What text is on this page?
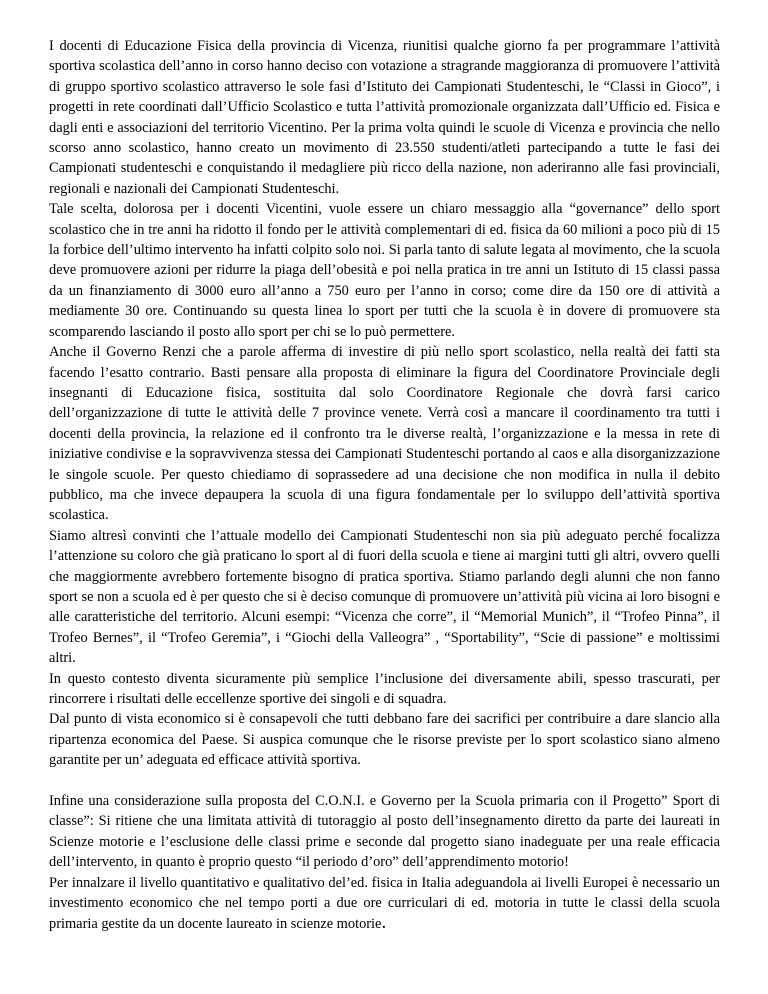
I docenti di Educazione Fisica della provincia di Vicenza, riunitisi qualche giorno fa per programmare l’attività sportiva scolastica dell’anno in corso hanno deciso con votazione a stragrande maggioranza di promuovere l’attività di gruppo sportivo scolastico attraverso le sole fasi d’Istituto dei Campionati Studenteschi, le “Classi in Gioco”, i progetti in rete coordinati dall’Ufficio Scolastico e tutta l’attività promozionale organizzata dall’Ufficio ed. Fisica e dagli enti e associazioni del territorio Vicentino. Per la prima volta quindi le scuole di Vicenza e provincia che nello scorso anno scolastico, hanno creato un movimento di 23.550 studenti/atleti partecipando a tutte le fasi dei Campionati studenteschi e conquistando il medagliere più ricco della nazione, non aderiranno alle fasi provinciali, regionali e nazionali dei Campionati Studenteschi.

Tale scelta, dolorosa per i docenti Vicentini, vuole essere un chiaro messaggio alla “governance” dello sport scolastico che in tre anni ha ridotto il fondo per le attività complementari di ed. fisica da 60 milioni a poco più di 15 la forbice dell’ultimo intervento ha infatti colpito solo noi. Si parla tanto di salute legata al movimento, che la scuola deve promuovere azioni per ridurre la piaga dell’obesità e poi nella pratica in tre anni un Istituto di 15 classi passa da un finanziamento di 3000 euro all’anno a 750 euro per l’anno in corso; come dire da 150 ore di attività a mediamente 30 ore. Continuando su questa linea lo sport per tutti che la scuola è in dovere di promuovere sta scomparendo lasciando il posto allo sport per chi se lo può permettere.

Anche il Governo Renzi che a parole afferma di investire di più nello sport scolastico, nella realtà dei fatti sta facendo l’esatto contrario. Basti pensare alla proposta di eliminare la figura del Coordinatore Provinciale degli insegnanti di Educazione fisica, sostituita dal solo Coordinatore Regionale che dovrà farsi carico dell’organizzazione di tutte le attività delle 7 province venete. Verrà così a mancare il coordinamento tra tutti i docenti della provincia, la relazione ed il confronto tra le diverse realtà, l’organizzazione e la messa in rete di iniziative condivise e la sopravvivenza stessa dei Campionati Studenteschi portando al caos e alla disorganizzazione le singole scuole. Per questo chiediamo di soprassedere ad una decisione che non modifica in nulla il debito pubblico, ma che invece depaupera la scuola di una figura fondamentale per lo sviluppo dell’attività sportiva scolastica.

Siamo altresì convinti che l’attuale modello dei Campionati Studenteschi non sia più adeguato perché focalizza l’attenzione su coloro che già praticano lo sport al di fuori della scuola e tiene ai margini tutti gli altri, ovvero quelli che maggiormente avrebbero fortemente bisogno di pratica sportiva. Stiamo parlando degli alunni che non fanno sport se non a scuola ed è per questo che si è deciso comunque di promuovere un’attività più vicina ai loro bisogni e alle caratteristiche del territorio. Alcuni esempi: “Vicenza che corre”, il “Memorial Munich”, il “Trofeo Pinna”, il Trofeo Bernes”, il “Trofeo Geremia”, i “Giochi della Valleogra” , “Sportability”, “Scie di passione” e moltissimi altri.

In questo contesto diventa sicuramente più semplice l’inclusione dei diversamente abili, spesso trascurati, per rincorrere i risultati delle eccellenze sportive dei singoli e di squadra.

Dal punto di vista economico si è consapevoli che tutti debbano fare dei sacrifici per contribuire a dare slancio alla ripartenza economica del Paese. Si auspica comunque che le risorse previste per lo sport scolastico siano almeno garantite per un’ adeguata ed efficace attività sportiva.

Infine una considerazione sulla proposta del C.O.N.I. e Governo per la Scuola primaria con il Progetto” Sport di classe”: Si ritiene che una limitata attività di tutoraggio al posto dell’insegnamento diretto da parte dei laureati in Scienze motorie e l’esclusione delle classi prime e seconde dal progetto siano inadeguate per una reale efficacia dell’intervento, in quanto è proprio questo “il periodo d’oro” dell’apprendimento motorio!

Per innalzare il livello quantitativo e qualitativo del’ed. fisica in Italia adeguandola ai livelli Europei è necessario un investimento economico che nel tempo porti a due ore curriculari di ed. motoria in tutte le classi della scuola primaria gestite da un docente laureato in scienze motorie.
